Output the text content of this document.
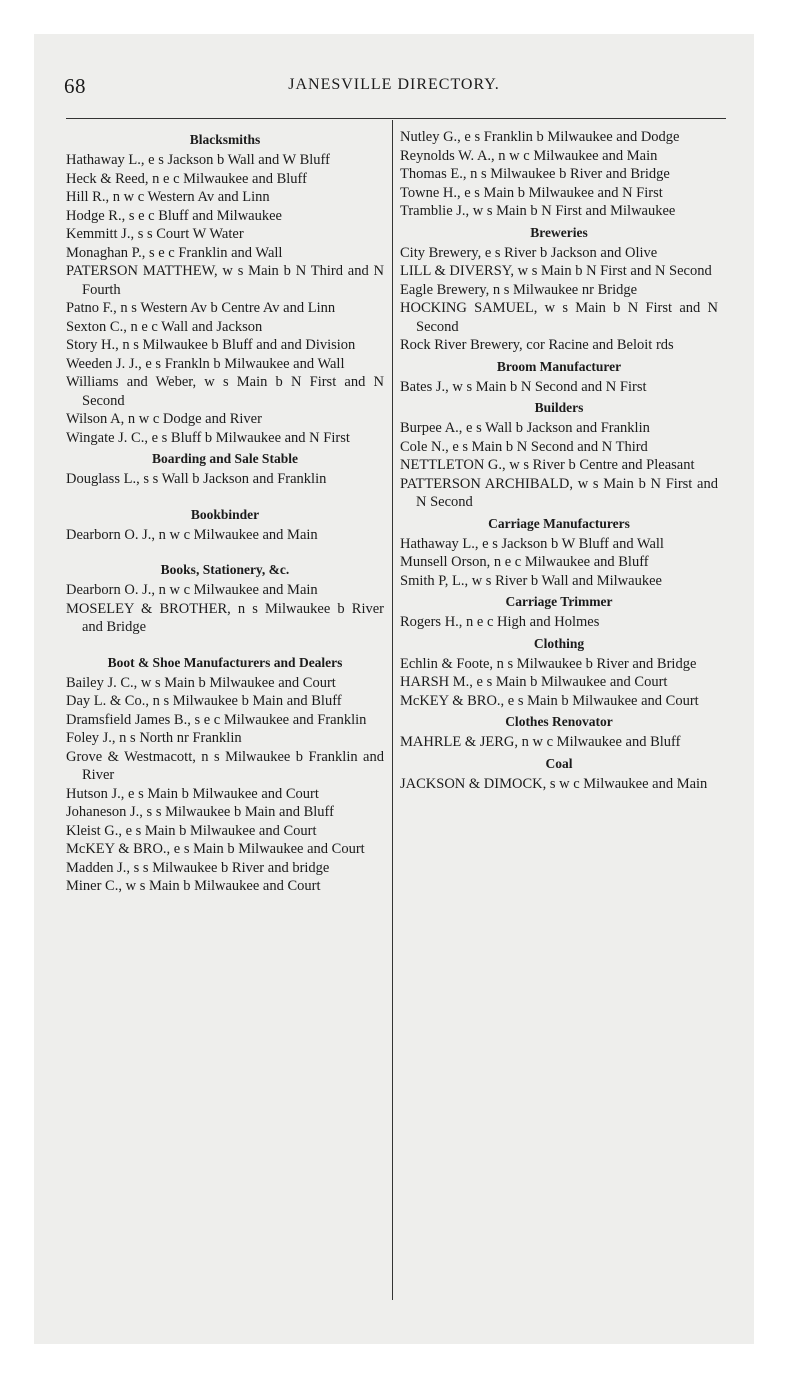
68	JANESVILLE DIRECTORY.
Blacksmiths
Hathaway L., e s Jackson b Wall and W Bluff
Heck & Reed, n e c Milwaukee and Bluff
Hill R., n w c Western Av and Linn
Hodge R., s e c Bluff and Milwaukee
Kemmitt J., s s Court W Water
Monaghan P., s e c Franklin and Wall
PATERSON MATTHEW, w s Main b N Third and N Fourth
Patno F., n s Western Av b Centre Av and Linn
Sexton C., n e c Wall and Jackson
Story H., n s Milwaukee b Bluff and and Division
Weeden J. J., e s Frankln b Milwaukee and Wall
Williams and Weber, w s Main b N First and N Second
Wilson A, n w c Dodge and River
Wingate J. C., e s Bluff b Milwaukee and N First
Boarding and Sale Stable
Douglass L., s s Wall b Jackson and Franklin
Bookbinder
Dearborn O. J., n w c Milwaukee and Main
Books, Stationery, &c.
Dearborn O. J., n w c Milwaukee and Main
MOSELEY & BROTHER, n s Milwaukee b River and Bridge
Boot & Shoe Manufacturers and Dealers
Bailey J. C., w s Main b Milwaukee and Court
Day L. & Co., n s Milwaukee b Main and Bluff
Dramsfield James B., s e c Milwaukee and Franklin
Foley J., n s North nr Franklin
Grove & Westmacott, n s Milwaukee b Franklin and River
Hutson J., e s Main b Milwaukee and Court
Johaneson J., s s Milwaukee b Main and Bluff
Kleist G., e s Main b Milwaukee and Court
McKEY & BRO., e s Main b Milwaukee and Court
Madden J., s s Milwaukee b River and bridge
Miner C., w s Main b Milwaukee and Court
Nutley G., e s Franklin b Milwaukee and Dodge
Reynolds W. A., n w c Milwaukee and Main
Thomas E., n s Milwaukee b River and Bridge
Towne H., e s Main b Milwaukee and N First
Tramblie J., w s Main b N First and Milwaukee
Breweries
City Brewery, e s River b Jackson and Olive
LILL & DIVERSY, w s Main b N First and N Second
Eagle Brewery, n s Milwaukee nr Bridge
HOCKING SAMUEL, w s Main b N First and N Second
Rock River Brewery, cor Racine and Beloit rds
Broom Manufacturer
Bates J., w s Main b N Second and N First
Builders
Burpee A., e s Wall b Jackson and Franklin
Cole N., e s Main b N Second and N Third
NETTLETON G., w s River b Centre and Pleasant
PATTERSON ARCHIBALD, w s Main b N First and N Second
Carriage Manufacturers
Hathaway L., e s Jackson b W Bluff and Wall
Munsell Orson, n e c Milwaukee and Bluff
Smith P, L., w s River b Wall and Milwaukee
Carriage Trimmer
Rogers H., n e c High and Holmes
Clothing
Echlin & Foote, n s Milwaukee b River and Bridge
HARSH M., e s Main b Milwaukee and Court
McKEY & BRO., e s Main b Milwaukee and Court
Clothes Renovator
MAHRLE & JERG, n w c Milwaukee and Bluff
Coal
JACKSON & DIMOCK, s w c Milwaukee and Main
